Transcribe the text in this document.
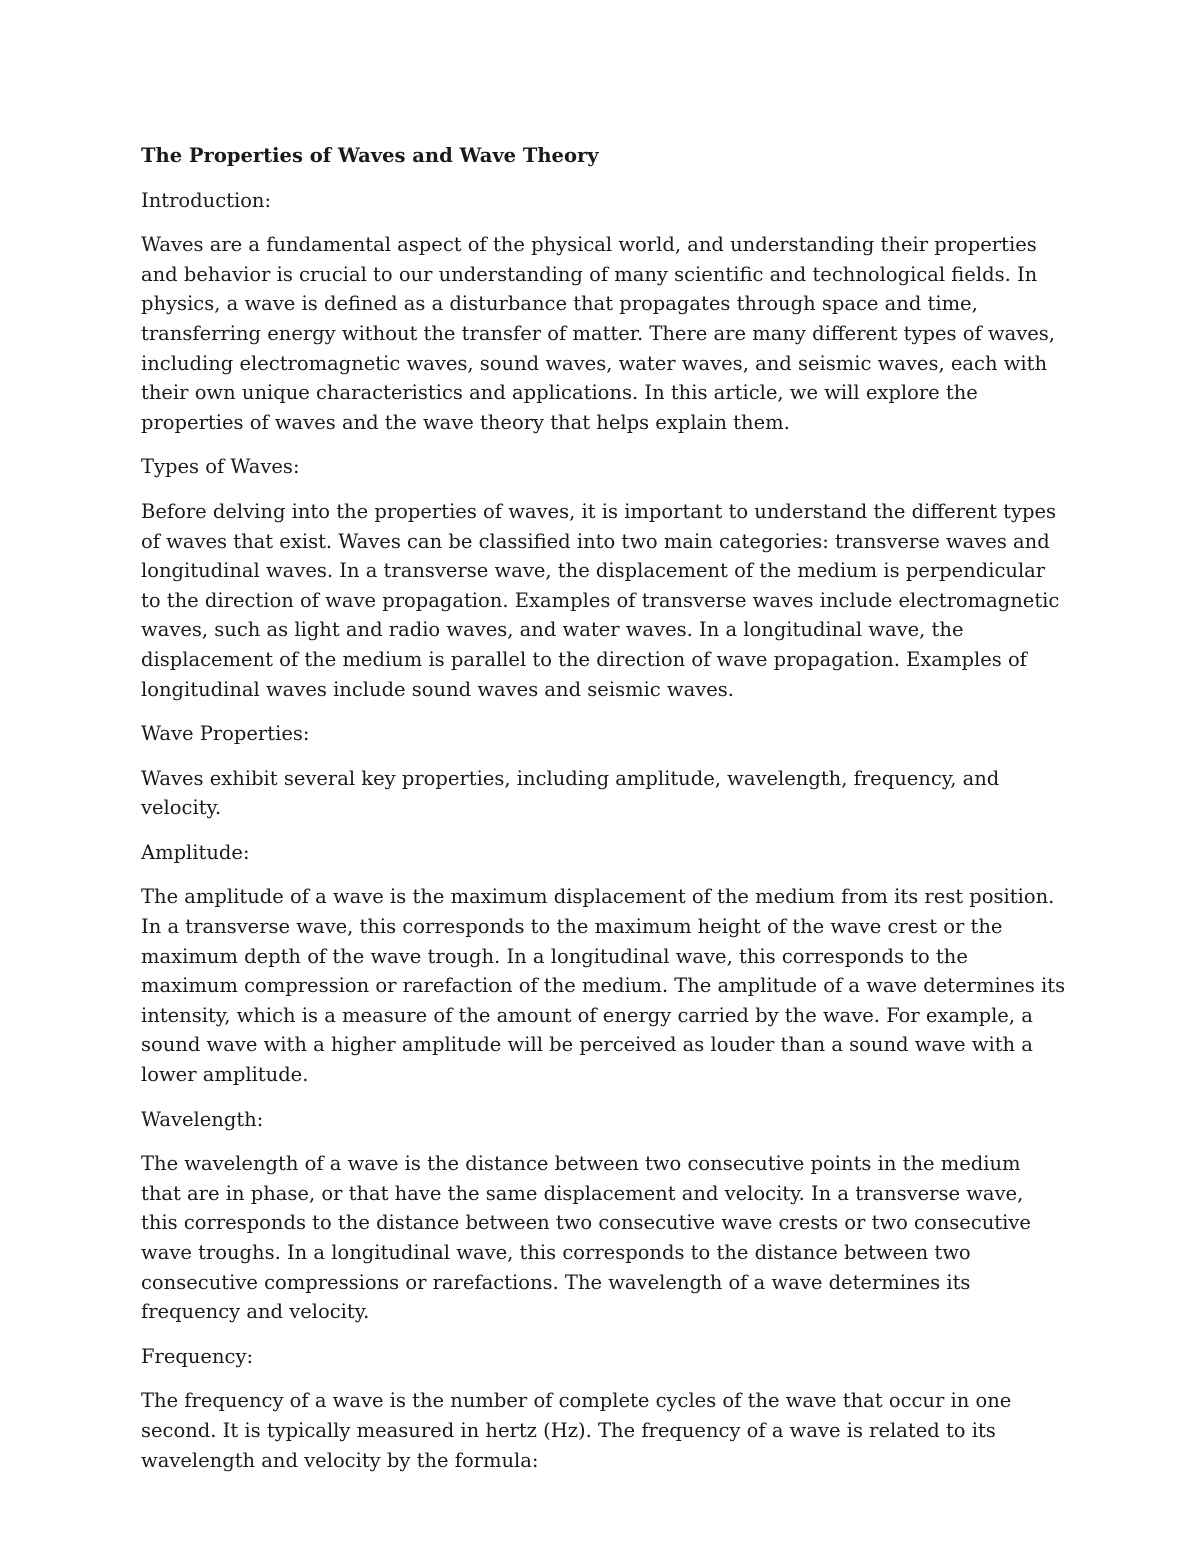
The Properties of Waves and Wave Theory

Introduction:

Waves are a fundamental aspect of the physical world, and understanding their properties and behavior is crucial to our understanding of many scientific and technological fields. In physics, a wave is defined as a disturbance that propagates through space and time, transferring energy without the transfer of matter. There are many different types of waves, including electromagnetic waves, sound waves, water waves, and seismic waves, each with their own unique characteristics and applications. In this article, we will explore the properties of waves and the wave theory that helps explain them.

Types of Waves:

Before delving into the properties of waves, it is important to understand the different types of waves that exist. Waves can be classified into two main categories: transverse waves and longitudinal waves. In a transverse wave, the displacement of the medium is perpendicular to the direction of wave propagation. Examples of transverse waves include electromagnetic waves, such as light and radio waves, and water waves. In a longitudinal wave, the displacement of the medium is parallel to the direction of wave propagation. Examples of longitudinal waves include sound waves and seismic waves.

Wave Properties:

Waves exhibit several key properties, including amplitude, wavelength, frequency, and velocity.

Amplitude:

The amplitude of a wave is the maximum displacement of the medium from its rest position. In a transverse wave, this corresponds to the maximum height of the wave crest or the maximum depth of the wave trough. In a longitudinal wave, this corresponds to the maximum compression or rarefaction of the medium. The amplitude of a wave determines its intensity, which is a measure of the amount of energy carried by the wave. For example, a sound wave with a higher amplitude will be perceived as louder than a sound wave with a lower amplitude.

Wavelength:

The wavelength of a wave is the distance between two consecutive points in the medium that are in phase, or that have the same displacement and velocity. In a transverse wave, this corresponds to the distance between two consecutive wave crests or two consecutive wave troughs. In a longitudinal wave, this corresponds to the distance between two consecutive compressions or rarefactions. The wavelength of a wave determines its frequency and velocity.

Frequency:

The frequency of a wave is the number of complete cycles of the wave that occur in one second. It is typically measured in hertz (Hz). The frequency of a wave is related to its wavelength and velocity by the formula:
